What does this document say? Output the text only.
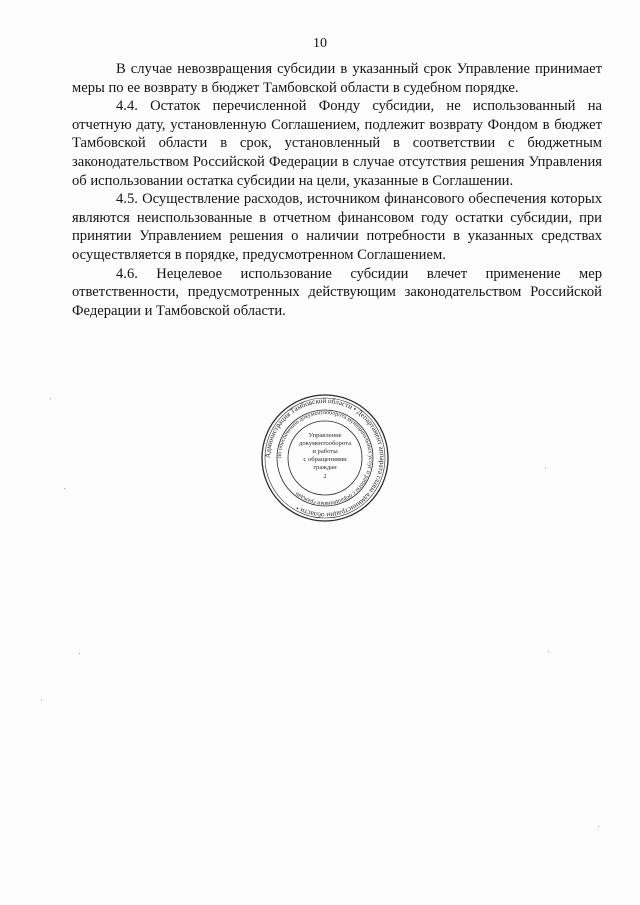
10

В случае невозвращения субсидии в указанный срок Управление принимает меры по ее возврату в бюджет Тамбовской области в судебном порядке.

4.4. Остаток перечисленной Фонду субсидии, не использованный на отчетную дату, установленную Соглашением, подлежит возврату Фондом в бюджет Тамбовской области в срок, установленный в соответствии с бюджетным законодательством Российской Федерации в случае отсутствия решения Управления об использовании остатка субсидии на цели, указанные в Соглашении.

4.5. Осуществление расходов, источником финансового обеспечения которых являются неиспользованные в отчетном финансовом году остатки субсидии, при принятии Управлением решения о наличии потребности в указанных средствах осуществляется в порядке, предусмотренном Соглашением.

4.6. Нецелевое использование субсидии влечет применение мер ответственности, предусмотренных действующим законодательством Российской Федерации и Тамбовской области.

Администрация Тамбовской области • Департамент аппарата главы администрации области •
по обеспечению документооборота муниципальных услуг и работы с обращениями граждан
Управление
документооборота
и работы
с обращениями
граждан
2
